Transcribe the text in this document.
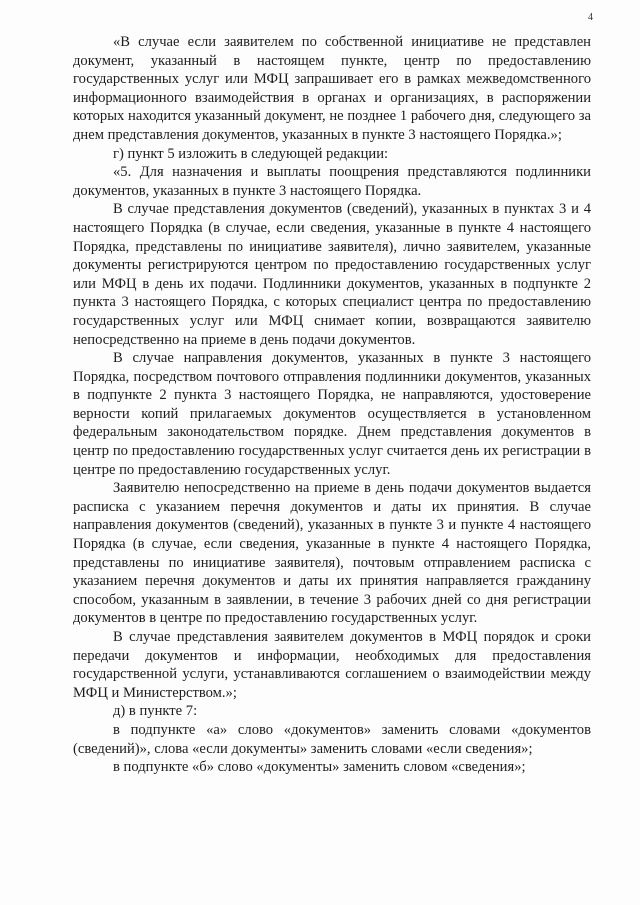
4

«В случае если заявителем по собственной инициативе не представлен документ, указанный в настоящем пункте, центр по предоставлению государственных услуг или МФЦ запрашивает его в рамках межведомственного информационного взаимодействия в органах и организациях, в распоряжении которых находится указанный документ, не позднее 1 рабочего дня, следующего за днем представления документов, указанных в пункте 3 настоящего Порядка.»;

г) пункт 5 изложить в следующей редакции:

«5. Для назначения и выплаты поощрения представляются подлинники документов, указанных в пункте 3 настоящего Порядка.

В случае представления документов (сведений), указанных в пунктах 3 и 4 настоящего Порядка (в случае, если сведения, указанные в пункте 4 настоящего Порядка, представлены по инициативе заявителя), лично заявителем, указанные документы регистрируются центром по предоставлению государственных услуг или МФЦ в день их подачи. Подлинники документов, указанных в подпункте 2 пункта 3 настоящего Порядка, с которых специалист центра по предоставлению государственных услуг или МФЦ снимает копии, возвращаются заявителю непосредственно на приеме в день подачи документов.

В случае направления документов, указанных в пункте 3 настоящего Порядка, посредством почтового отправления подлинники документов, указанных в подпункте 2 пункта 3 настоящего Порядка, не направляются, удостоверение верности копий прилагаемых документов осуществляется в установленном федеральным законодательством порядке. Днем представления документов в центр по предоставлению государственных услуг считается день их регистрации в центре по предоставлению государственных услуг.

Заявителю непосредственно на приеме в день подачи документов выдается расписка с указанием перечня документов и даты их принятия. В случае направления документов (сведений), указанных в пункте 3 и пункте 4 настоящего Порядка (в случае, если сведения, указанные в пункте 4 настоящего Порядка, представлены по инициативе заявителя), почтовым отправлением расписка с указанием перечня документов и даты их принятия направляется гражданину способом, указанным в заявлении, в течение 3 рабочих дней со дня регистрации документов в центре по предоставлению государственных услуг.

В случае представления заявителем документов в МФЦ порядок и сроки передачи документов и информации, необходимых для предоставления государственной услуги, устанавливаются соглашением о взаимодействии между МФЦ и Министерством.»;

д) в пункте 7:

в подпункте «а» слово «документов» заменить словами «документов (сведений)», слова «если документы» заменить словами «если сведения»;

в подпункте «б» слово «документы» заменить словом «сведения»;
